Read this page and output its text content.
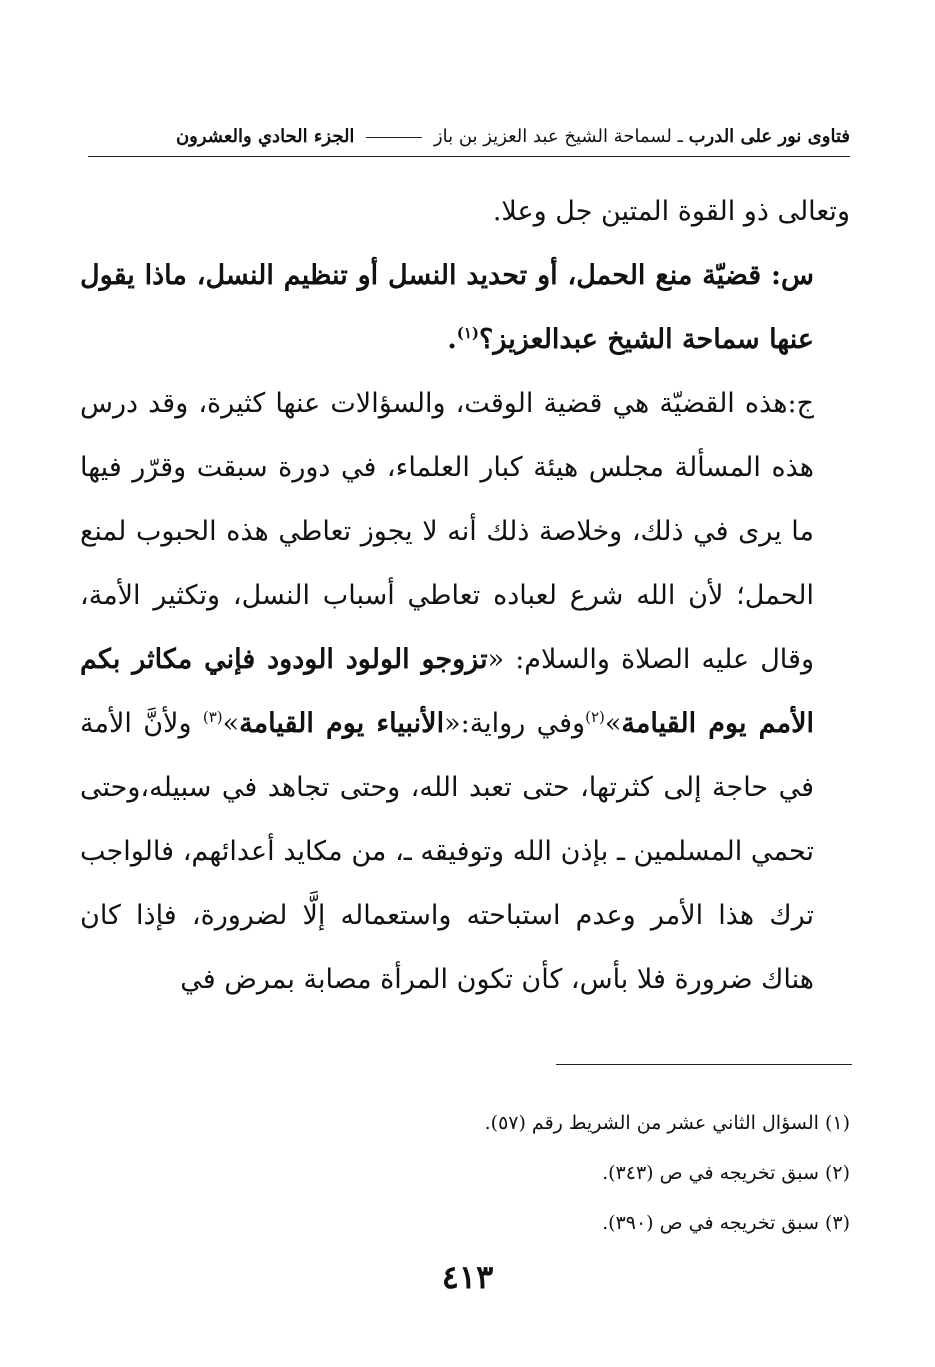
فتاوى نور على الدرب ـ لسماحة الشيخ عبد العزيز بن باز  الجزء الحادي والعشرون

وتعالى ذو القوة المتين جل وعلا.

س: قضيّة منع الحمل، أو تحديد النسل أو تنظيم النسل، ماذا يقول عنها سماحة الشيخ عبدالعزيز؟$^{(١)}$.

ج:هذه القضيّة هي قضية الوقت، والسؤالات عنها كثيرة، وقد درس هذه المسألة مجلس هيئة كبار العلماء، في دورة سبقت وقرّر فيها ما يرى في ذلك، وخلاصة ذلك أنه لا يجوز تعاطي هذه الحبوب لمنع الحمل؛ لأن الله شرع لعباده تعاطي أسباب النسل، وتكثير الأمة، وقال عليه الصلاة والسلام: «تزوجو الولود الودود فإني مكاثر بكم الأمم يوم القيامة»$^{(٢)}$وفي رواية:«الأنبياء يوم القيامة»$^{(٣)}$ ولأنَّ الأمة في حاجة إلى كثرتها، حتى تعبد الله، وحتى تجاهد في سبيله،وحتى تحمي المسلمين ـ بإذن الله وتوفيقه ـ، من مكايد أعدائهم، فالواجب ترك هذا الأمر وعدم استباحته واستعماله إلَّا لضرورة، فإذا كان هناك ضرورة فلا بأس، كأن تكون المرأة مصابة بمرض في

(١) السؤال الثاني عشر من الشريط رقم (٥٧).
(٢) سبق تخريجه في ص (٣٤٣).
(٣) سبق تخريجه في ص (٣٩٠).
٤١٣
